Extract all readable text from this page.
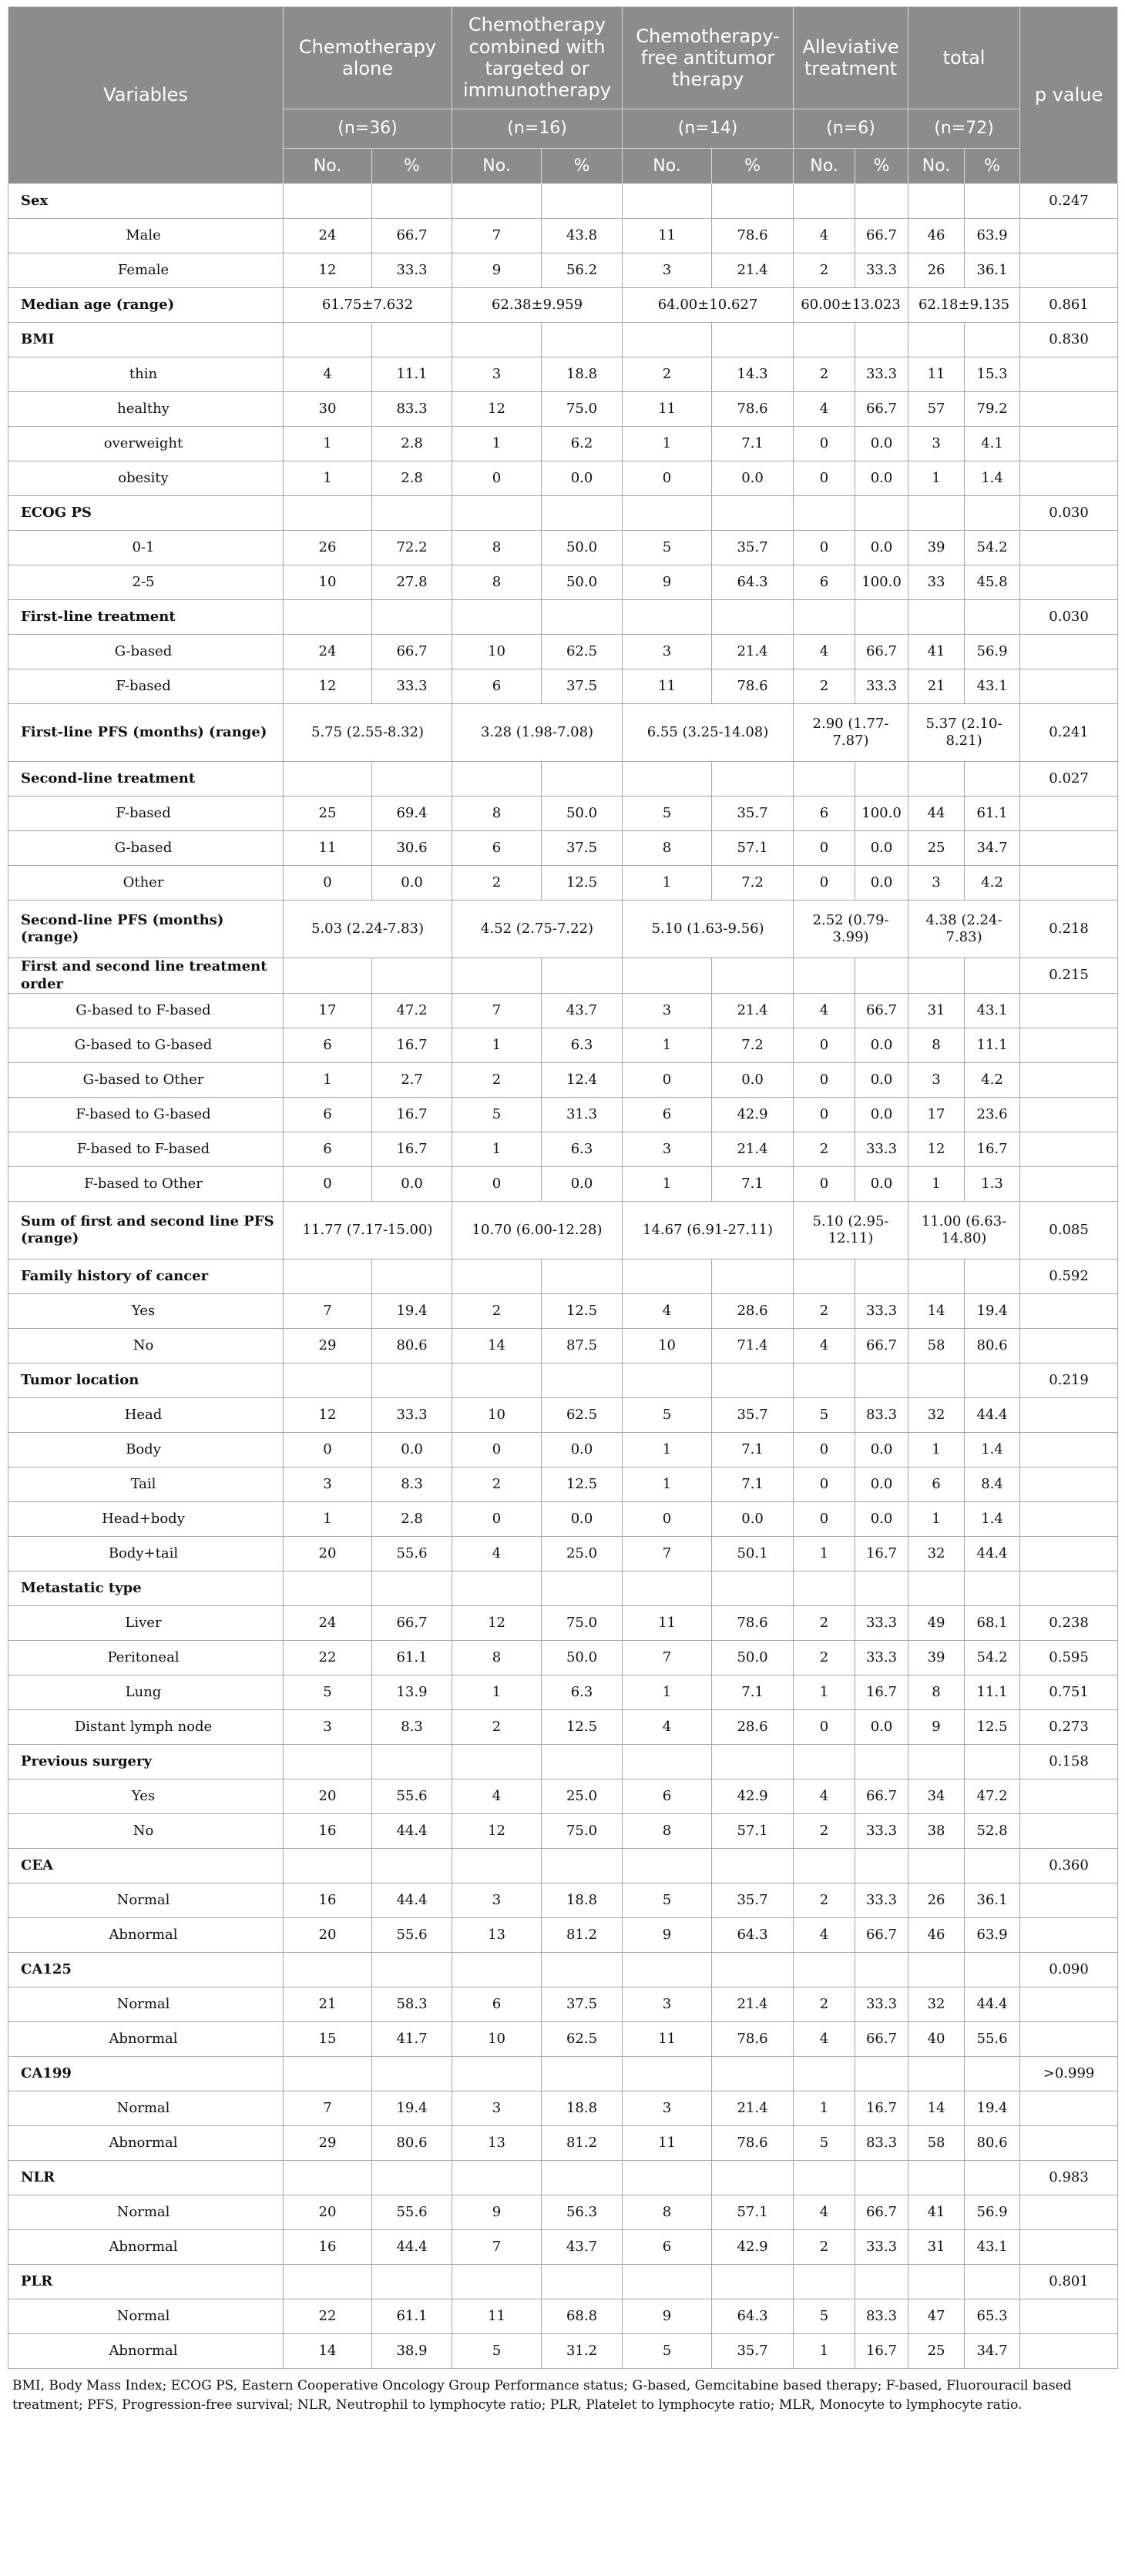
Variables	Chemotherapy alone		Chemotherapy combined with targeted or immunotherapy		Chemotherapy-free antitumor therapy		Alleviative treatment		total		p value
	(n=36)		(n=16)		(n=14)		(n=6)		(n=72)		
	No.	%	No.	%	No.	%	No.	%	No.	%	
Sex											0.247
Male	24	66.7	7	43.8	11	78.6	4	66.7	46	63.9	
Female	12	33.3	9	56.2	3	21.4	2	33.3	26	36.1	
Median age (range)	61.75±7.632		62.38±9.959		64.00±10.627		60.00±13.023		62.18±9.135		0.861
BMI											0.830
thin	4	11.1	3	18.8	2	14.3	2	33.3	11	15.3	
healthy	30	83.3	12	75.0	11	78.6	4	66.7	57	79.2	
overweight	1	2.8	1	6.2	1	7.1	0	0.0	3	4.1	
obesity	1	2.8	0	0.0	0	0.0	0	0.0	1	1.4	
ECOG PS											0.030
0-1	26	72.2	8	50.0	5	35.7	0	0.0	39	54.2	
2-5	10	27.8	8	50.0	9	64.3	6	100.0	33	45.8	
First-line treatment											0.030
G-based	24	66.7	10	62.5	3	21.4	4	66.7	41	56.9	
F-based	12	33.3	6	37.5	11	78.6	2	33.3	21	43.1	
First-line PFS (months) (range)	5.75 (2.55-8.32)		3.28 (1.98-7.08)		6.55 (3.25-14.08)		2.90 (1.77-7.87)		5.37 (2.10-8.21)		0.241
Second-line treatment											0.027
F-based	25	69.4	8	50.0	5	35.7	6	100.0	44	61.1	
G-based	11	30.6	6	37.5	8	57.1	0	0.0	25	34.7	
Other	0	0.0	2	12.5	1	7.2	0	0.0	3	4.2	
Second-line PFS (months) (range)	5.03 (2.24-7.83)		4.52 (2.75-7.22)		5.10 (1.63-9.56)		2.52 (0.79-3.99)		4.38 (2.24-7.83)		0.218
First and second line treatment order											0.215
G-based to F-based	17	47.2	7	43.7	3	21.4	4	66.7	31	43.1	
G-based to G-based	6	16.7	1	6.3	1	7.2	0	0.0	8	11.1	
G-based to Other	1	2.7	2	12.4	0	0.0	0	0.0	3	4.2	
F-based to G-based	6	16.7	5	31.3	6	42.9	0	0.0	17	23.6	
F-based to F-based	6	16.7	1	6.3	3	21.4	2	33.3	12	16.7	
F-based to Other	0	0.0	0	0.0	1	7.1	0	0.0	1	1.3	
Sum of first and second line PFS (range)	11.77 (7.17-15.00)		10.70 (6.00-12.28)		14.67 (6.91-27.11)		5.10 (2.95-12.11)		11.00 (6.63-14.80)		0.085
Family history of cancer											0.592
Yes	7	19.4	2	12.5	4	28.6	2	33.3	14	19.4	
No	29	80.6	14	87.5	10	71.4	4	66.7	58	80.6	
Tumor location											0.219
Head	12	33.3	10	62.5	5	35.7	5	83.3	32	44.4	
Body	0	0.0	0	0.0	1	7.1	0	0.0	1	1.4	
Tail	3	8.3	2	12.5	1	7.1	0	0.0	6	8.4	
Head+body	1	2.8	0	0.0	0	0.0	0	0.0	1	1.4	
Body+tail	20	55.6	4	25.0	7	50.1	1	16.7	32	44.4	
Metastatic type											
Liver	24	66.7	12	75.0	11	78.6	2	33.3	49	68.1	0.238
Peritoneal	22	61.1	8	50.0	7	50.0	2	33.3	39	54.2	0.595
Lung	5	13.9	1	6.3	1	7.1	1	16.7	8	11.1	0.751
Distant lymph node	3	8.3	2	12.5	4	28.6	0	0.0	9	12.5	0.273
Previous surgery											0.158
Yes	20	55.6	4	25.0	6	42.9	4	66.7	34	47.2	
No	16	44.4	12	75.0	8	57.1	2	33.3	38	52.8	
CEA											0.360
Normal	16	44.4	3	18.8	5	35.7	2	33.3	26	36.1	
Abnormal	20	55.6	13	81.2	9	64.3	4	66.7	46	63.9	
CA125											0.090
Normal	21	58.3	6	37.5	3	21.4	2	33.3	32	44.4	
Abnormal	15	41.7	10	62.5	11	78.6	4	66.7	40	55.6	
CA199											>0.999
Normal	7	19.4	3	18.8	3	21.4	1	16.7	14	19.4	
Abnormal	29	80.6	13	81.2	11	78.6	5	83.3	58	80.6	
NLR											0.983
Normal	20	55.6	9	56.3	8	57.1	4	66.7	41	56.9	
Abnormal	16	44.4	7	43.7	6	42.9	2	33.3	31	43.1	
PLR											0.801
Normal	22	61.1	11	68.8	9	64.3	5	83.3	47	65.3	
Abnormal	14	38.9	5	31.2	5	35.7	1	16.7	25	34.7	
BMI, Body Mass Index; ECOG PS, Eastern Cooperative Oncology Group Performance status; G-based, Gemcitabine based therapy; F-based, Fluorouracil based treatment; PFS, Progression-free survival; NLR, Neutrophil to lymphocyte ratio; PLR, Platelet to lymphocyte ratio; MLR, Monocyte to lymphocyte ratio.
